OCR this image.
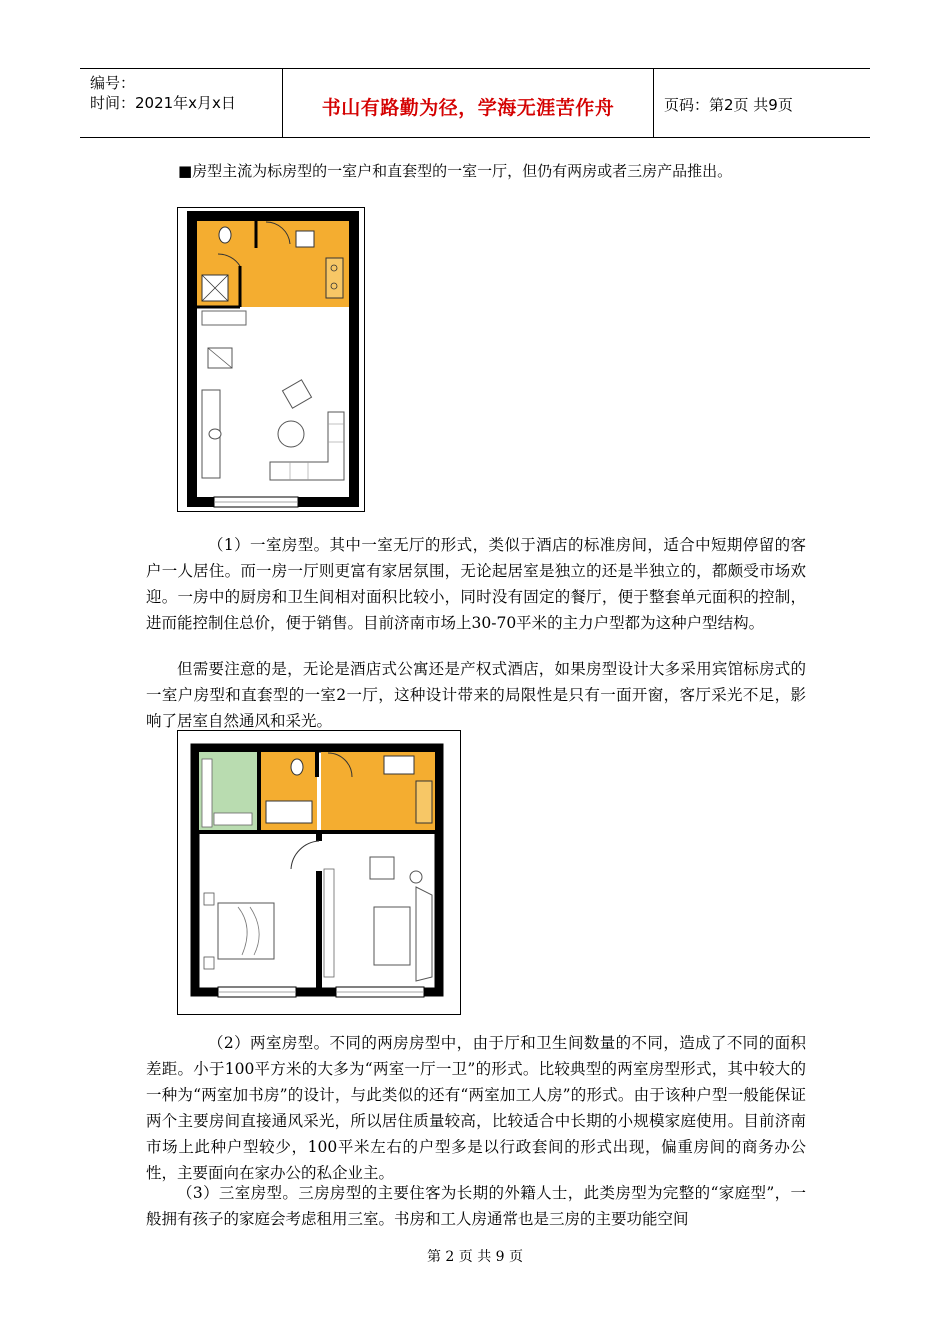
编号：
时间：2021年x月x日	书山有路勤为径，学海无涯苦作舟	页码：第2页 共9页
■房型主流为标房型的一室户和直套型的一室一厅，但仍有两房或者三房产品推出。
（1）一室房型。其中一室无厅的形式，类似于酒店的标准房间，适合中短期停留的客户一人居住。而一房一厅则更富有家居氛围，无论起居室是独立的还是半独立的，都颇受市场欢迎。一房中的厨房和卫生间相对面积比较小，同时没有固定的餐厅，便于整套单元面积的控制，进而能控制住总价，便于销售。目前济南市场上30-70平米的主力户型都为这种户型结构。
但需要注意的是，无论是酒店式公寓还是产权式酒店，如果房型设计大多采用宾馆标房式的一室户房型和直套型的一室2一厅，这种设计带来的局限性是只有一面开窗，客厅采光不足，影响了居室自然通风和采光。
（2）两室房型。不同的两房房型中，由于厅和卫生间数量的不同，造成了不同的面积差距。小于100平方米的大多为“两室一厅一卫”的形式。比较典型的两室房型形式，其中较大的一种为“两室加书房”的设计，与此类似的还有“两室加工人房”的形式。由于该种户型一般能保证两个主要房间直接通风采光，所以居住质量较高，比较适合中长期的小规模家庭使用。目前济南市场上此种户型较少，100平米左右的户型多是以行政套间的形式出现，偏重房间的商务办公性，主要面向在家办公的私企业主。
（3）三室房型。三房房型的主要住客为长期的外籍人士，此类房型为完整的“家庭型”，一般拥有孩子的家庭会考虑租用三室。书房和工人房通常也是三房的主要功能空间
第 2 页 共 9 页
